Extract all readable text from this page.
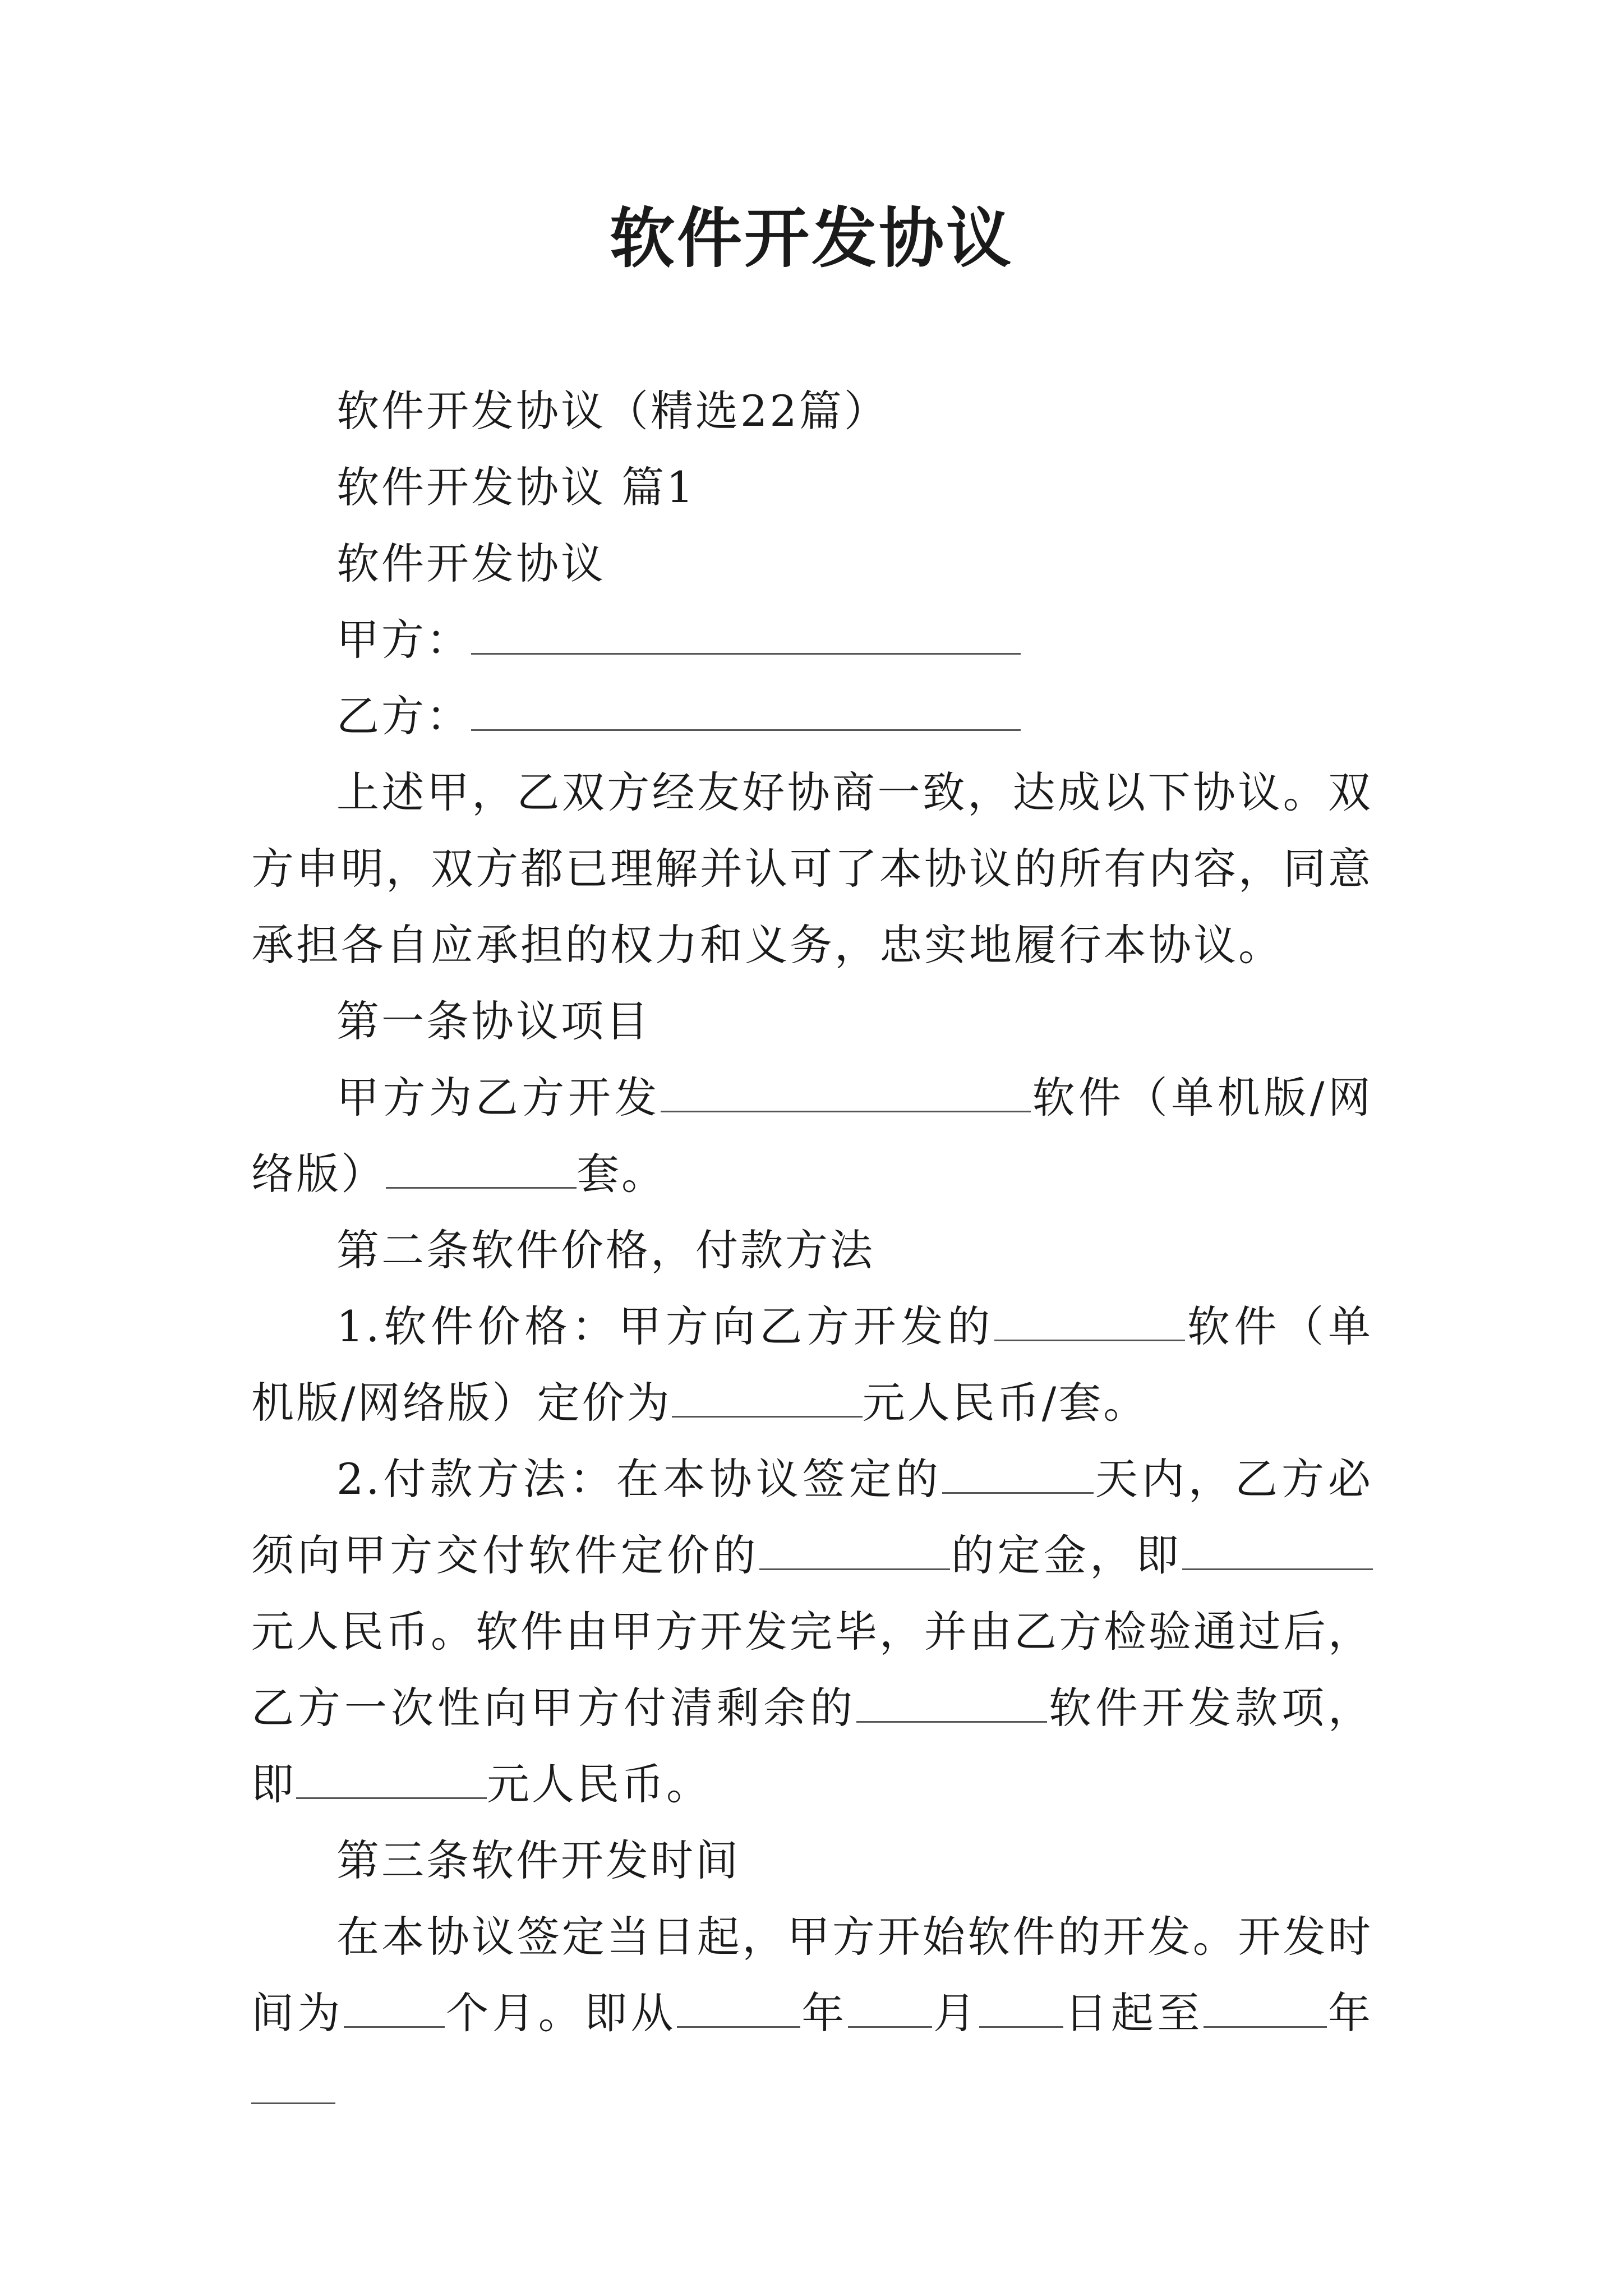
软件开发协议

软件开发协议（精选22篇）

软件开发协议 篇1

软件开发协议

甲方：

乙方：

上述甲，乙双方经友好协商一致，达成以下协议。双方申明，双方都已理解并认可了本协议的所有内容，同意承担各自应承担的权力和义务，忠实地履行本协议。

第一条协议项目

甲方为乙方开发	软件（单机版/网络版）	套。

第二条软件价格，付款方法

1.软件价格：甲方向乙方开发的	软件（单机版/网络版）定价为	元人民币/套。

2.付款方法：在本协议签定的	天内，乙方必须向甲方交付软件定价的	的定金，即元人民币。软件由甲方开发完毕，并由乙方检验通过后，乙方一次性向甲方付清剩余的	软件开发款项，即	元人民币。

第三条软件开发时间

在本协议签定当日起，甲方开始软件的开发。开发时间为 个月。即从	年 月 日起至	年
